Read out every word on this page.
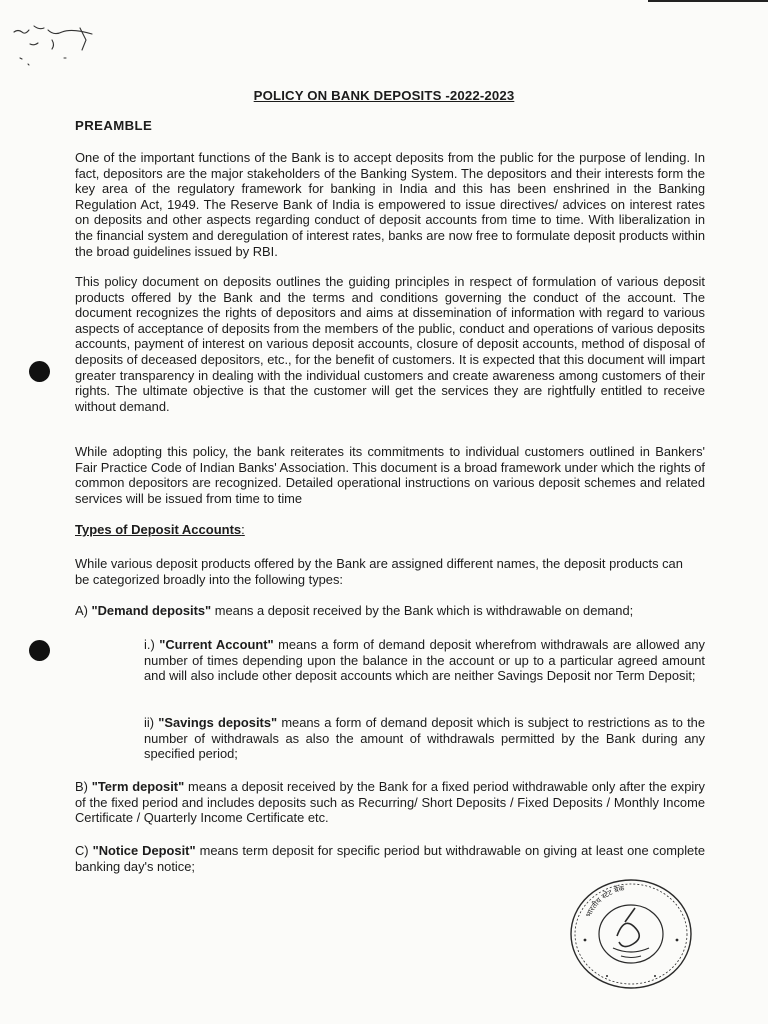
POLICY ON BANK DEPOSITS -2022-2023
PREAMBLE

One of the important functions of the Bank is to accept deposits from the public for the purpose of lending. In fact, depositors are the major stakeholders of the Banking System. The depositors and their interests form the key area of the regulatory framework for banking in India and this has been enshrined in the Banking Regulation Act, 1949. The Reserve Bank of India is empowered to issue directives/ advices on interest rates on deposits and other aspects regarding conduct of deposit accounts from time to time. With liberalization in the financial system and deregulation of interest rates, banks are now free to formulate deposit products within the broad guidelines issued by RBI.

This policy document on deposits outlines the guiding principles in respect of formulation of various deposit products offered by the Bank and the terms and conditions governing the conduct of the account. The document recognizes the rights of depositors and aims at dissemination of information with regard to various aspects of acceptance of deposits from the members of the public, conduct and operations of various deposits accounts, payment of interest on various deposit accounts, closure of deposit accounts, method of disposal of deposits of deceased depositors, etc., for the benefit of customers. It is expected that this document will impart greater transparency in dealing with the individual customers and create awareness among customers of their rights. The ultimate objective is that the customer will get the services they are rightfully entitled to receive without demand.

While adopting this policy, the bank reiterates its commitments to individual customers outlined in Bankers' Fair Practice Code of Indian Banks' Association. This document is a broad framework under which the rights of common depositors are recognized. Detailed operational instructions on various deposit schemes and related services will be issued from time to time

Types of Deposit Accounts:

While various deposit products offered by the Bank are assigned different names, the deposit products can be categorized broadly into the following types:

A) "Demand deposits" means a deposit received by the Bank which is withdrawable on demand;

i.) "Current Account" means a form of demand deposit wherefrom withdrawals are allowed any number of times depending upon the balance in the account or up to a particular agreed amount and will also include other deposit accounts which are neither Savings Deposit nor Term Deposit;

ii) "Savings deposits" means a form of demand deposit which is subject to restrictions as to the number of withdrawals as also the amount of withdrawals permitted by the Bank during any specified period;

B) "Term deposit" means a deposit received by the Bank for a fixed period withdrawable only after the expiry of the fixed period and includes deposits such as Recurring/ Short Deposits / Fixed Deposits / Monthly Income Certificate / Quarterly Income Certificate etc.

C) "Notice Deposit" means term deposit for specific period but withdrawable on giving at least one complete banking day's notice;

भारतीय स्टेट बैंक
